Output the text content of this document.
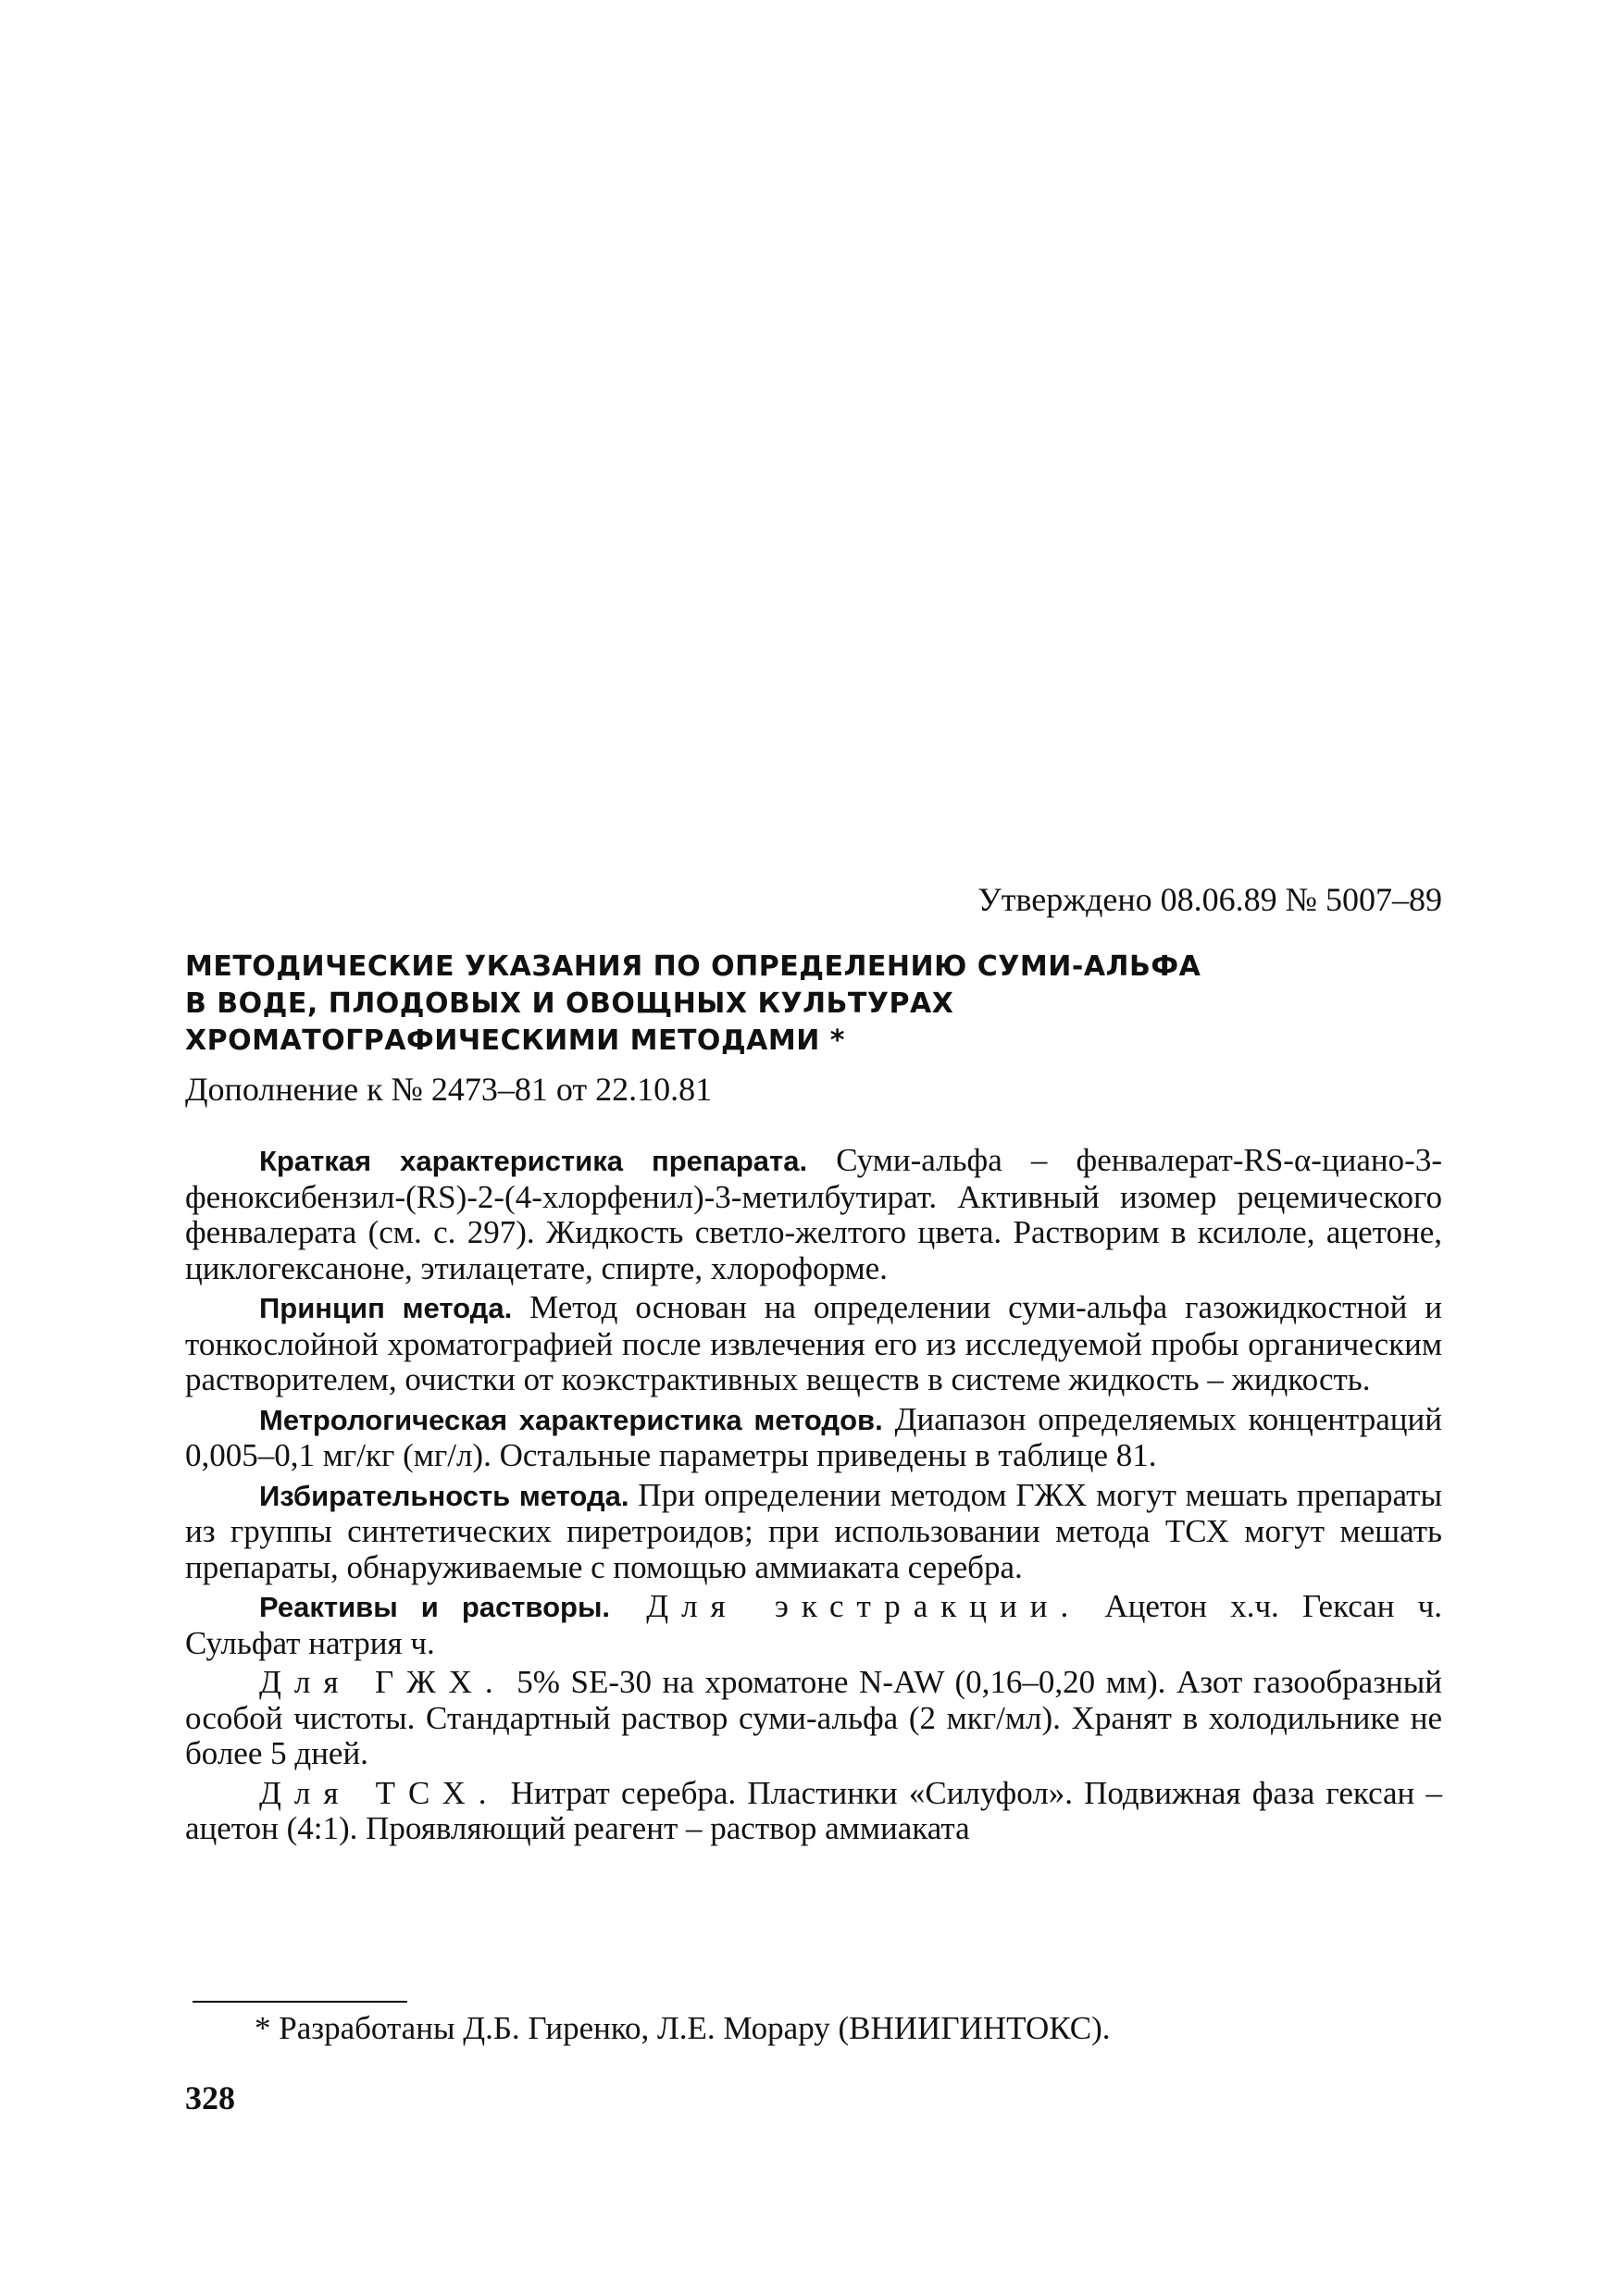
Утверждено 08.06.89 № 5007–89
МЕТОДИЧЕСКИЕ УКАЗАНИЯ ПО ОПРЕДЕЛЕНИЮ СУМИ-АЛЬФА
В ВОДЕ, ПЛОДОВЫХ И ОВОЩНЫХ КУЛЬТУРАХ
ХРОМАТОГРАФИЧЕСКИМИ МЕТОДАМИ *
Дополнение к № 2473–81 от 22.10.81

Краткая характеристика препарата. Суми-альфа – фенвалерат-RS-α-циано-3-феноксибензил-(RS)-2-(4-хлорфенил)-3-метилбутират. Активный изомер рецемического фенвалерата (см. с. 297). Жидкость светло-желтого цвета. Растворим в ксилоле, ацетоне, циклогексаноне, этилацетате, спирте, хлороформе.

Принцип метода. Метод основан на определении суми-альфа газожидкостной и тонкослойной хроматографией после извлечения его из исследуемой пробы органическим растворителем, очистки от коэкстрактивных веществ в системе жидкость – жидкость.

Метрологическая характеристика методов. Диапазон определяемых концентраций 0,005–0,1 мг/кг (мг/л). Остальные параметры приведены в таблице 81.

Избирательность метода. При определении методом ГЖХ могут мешать препараты из группы синтетических пиретроидов; при использовании метода ТСХ могут мешать препараты, обнаруживаемые с помощью аммиаката серебра.

Реактивы и растворы. Для экстракции. Ацетон х.ч. Гексан ч. Сульфат натрия ч.

Для ГЖХ. 5% SE-30 на хроматоне N-AW (0,16–0,20 мм). Азот газообразный особой чистоты. Стандартный раствор суми-альфа (2 мкг/мл). Хранят в холодильнике не более 5 дней.

Для ТСХ. Нитрат серебра. Пластинки «Силуфол». Подвижная фаза гексан – ацетон (4:1). Проявляющий реагент – раствор аммиаката

* Разработаны Д.Б. Гиренко, Л.Е. Морару (ВНИИГИНТОКС).
328
